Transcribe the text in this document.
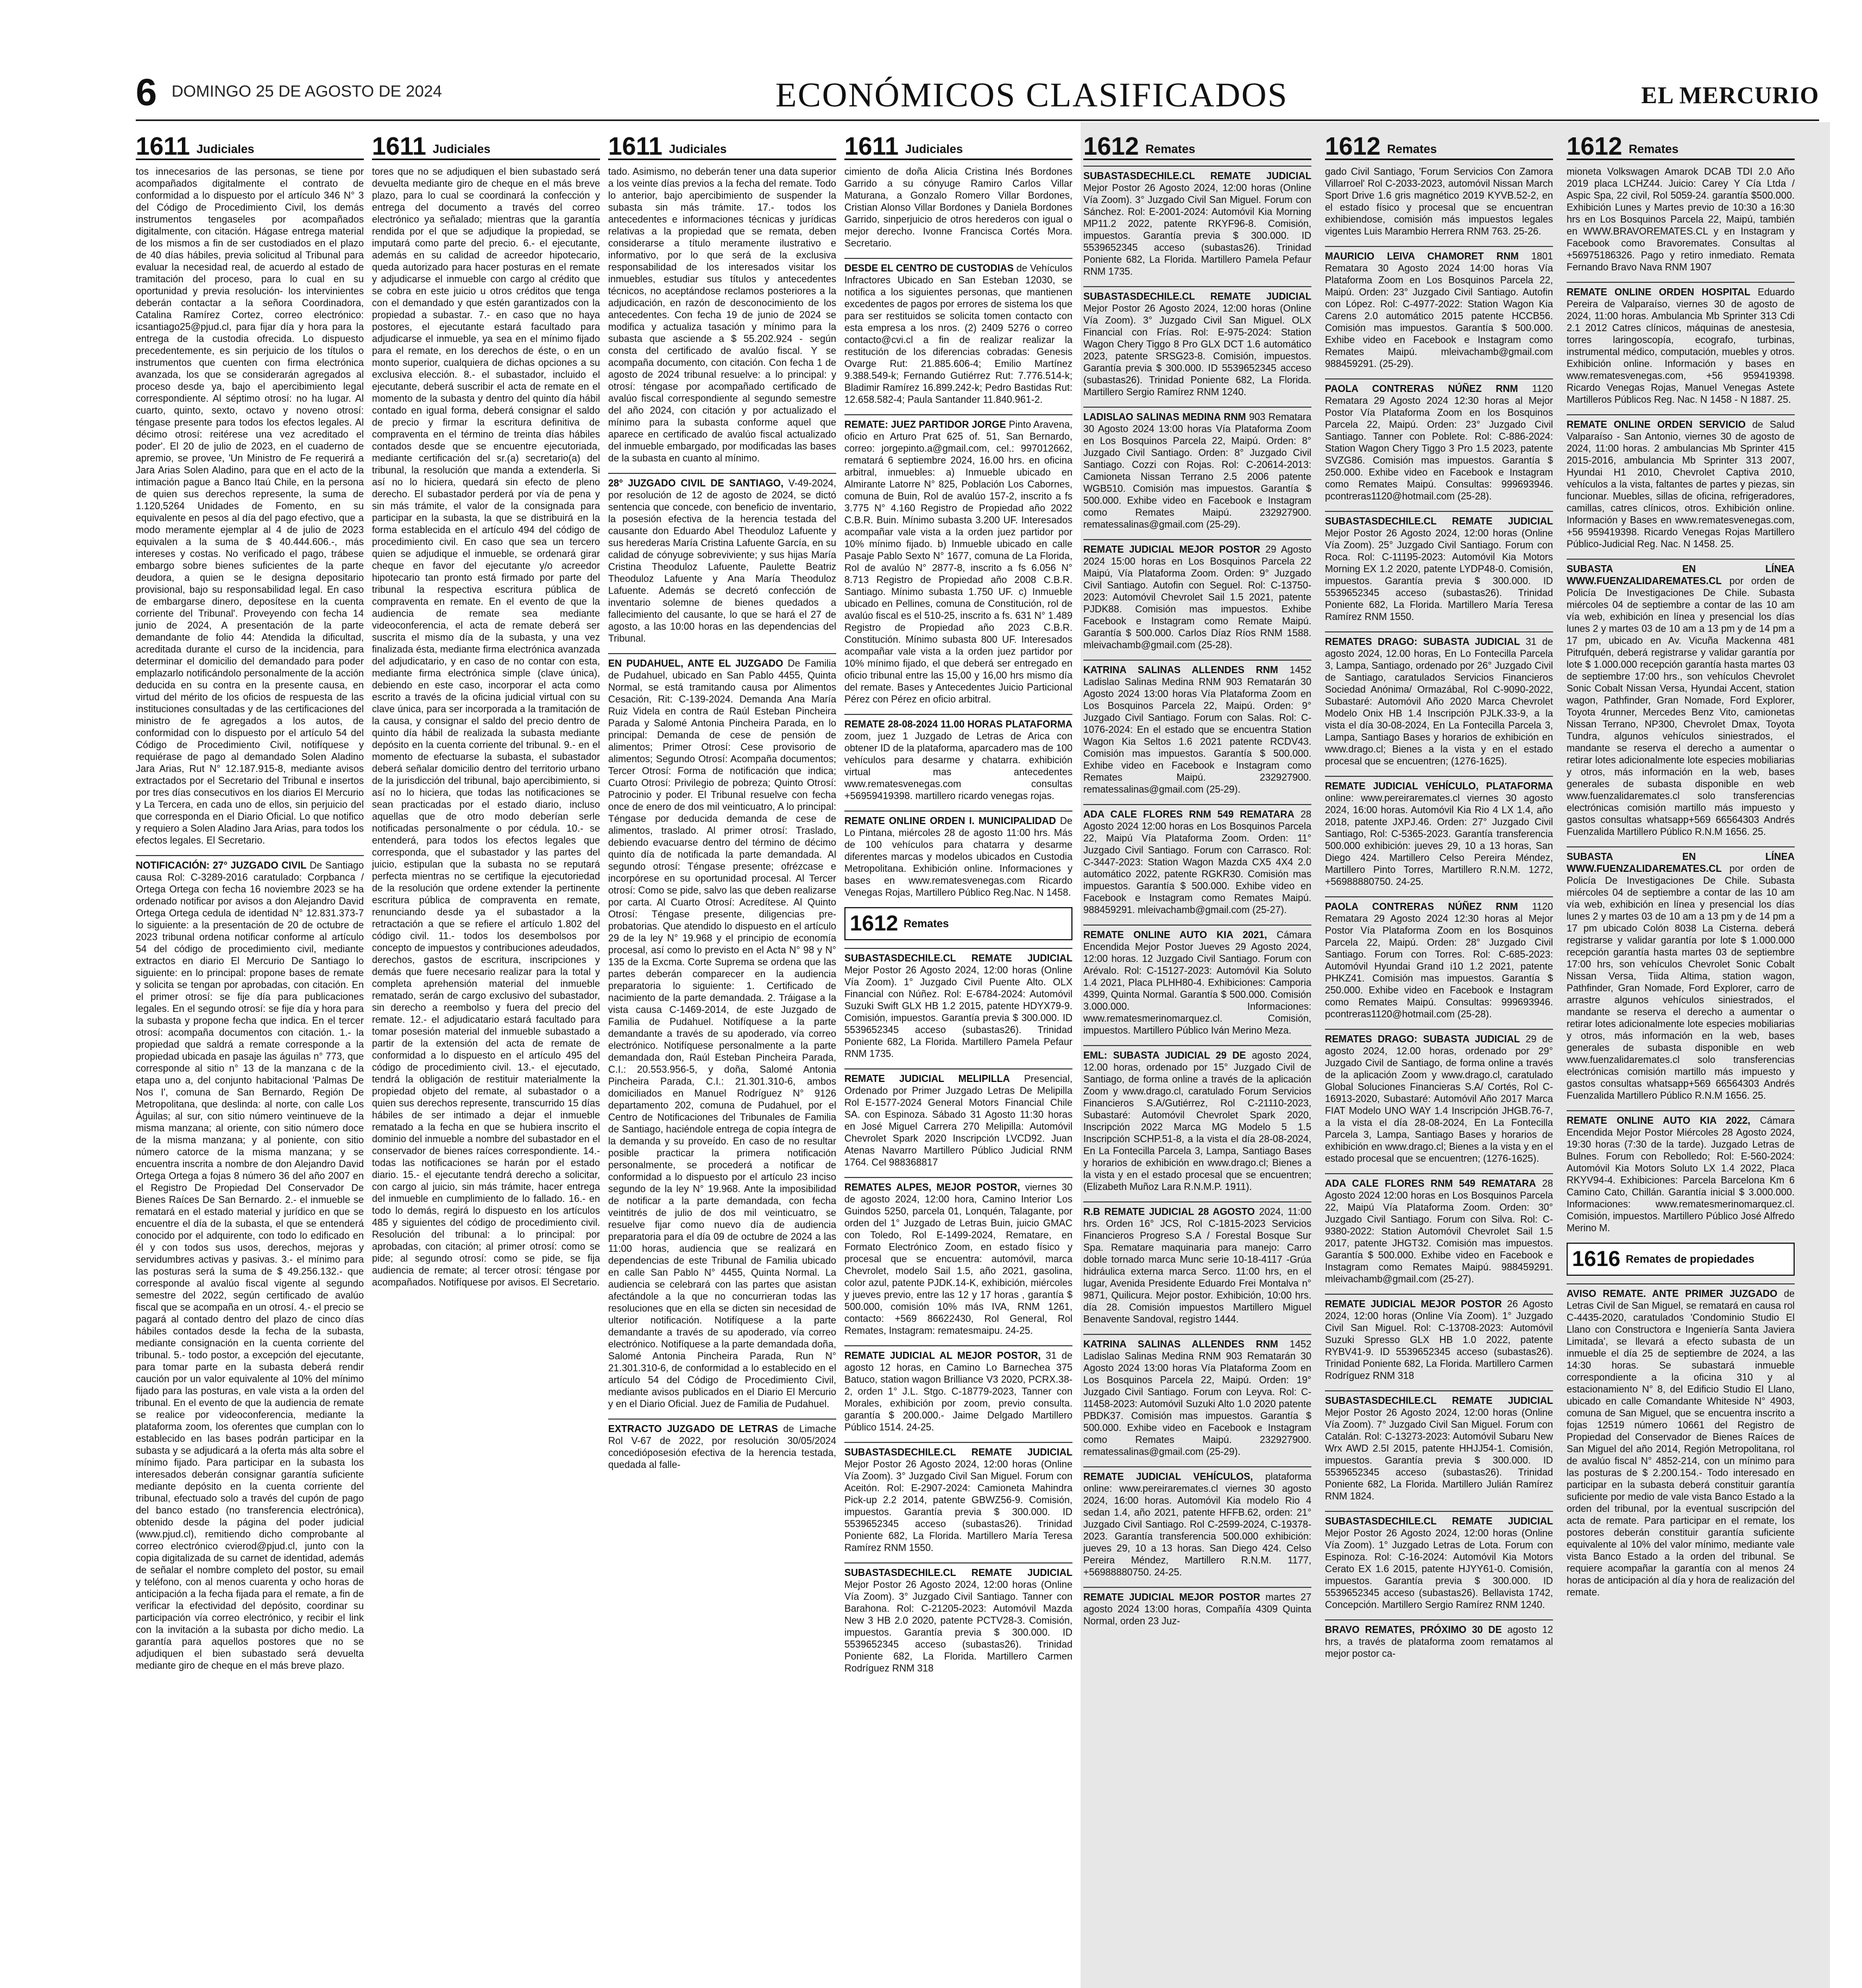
6 DOMINGO 25 DE AGOSTO DE 2024	ECONÓMICOS CLASIFICADOS	EL MERCURIO
1611 Judiciales

tos innecesarios de las personas, se tiene por acompañados digitalmente el contrato de conformidad a lo dispuesto por el artículo 346 N° 3 del Código de Procedimiento Civil, los demás instrumentos tengaseles por acompañados digitalmente, con citación. Hágase entrega material de los mismos a fin de ser custodiados en el plazo de 40 días hábiles, previa solicitud al Tribunal para evaluar la necesidad real, de acuerdo al estado de tramitación del proceso, para lo cual en su oportunidad y previa resolución- los intervinientes deberán contactar a la señora Coordinadora, Catalina Ramírez Cortez, correo electrónico: icsantiago25@pjud.cl, para fijar día y hora para la entrega de la custodia ofrecida. Lo dispuesto precedentemente, es sin perjuicio de los títulos o instrumentos que cuenten con firma electrónica avanzada, los que se considerarán agregados al proceso desde ya, bajo el apercibimiento legal correspondiente. Al séptimo otrosí: no ha lugar. Al cuarto, quinto, sexto, octavo y noveno otrosí: téngase presente para todos los efectos legales. Al décimo otrosí: reitérese una vez acreditado el poder'. El 20 de julio de 2023, en el cuaderno de apremio, se provee, 'Un Ministro de Fe requerirá a Jara Arias Solen Aladino, para que en el acto de la intimación pague a Banco Itaú Chile, en la persona de quien sus derechos represente, la suma de 1.120,5264 Unidades de Fomento, en su equivalente en pesos al día del pago efectivo, que a modo meramente ejemplar al 4 de julio de 2023 equivalen a la suma de $ 40.444.606.-, más intereses y costas. No verificado el pago, trábese embargo sobre bienes suficientes de la parte deudora, a quien se le designa depositario provisional, bajo su responsabilidad legal. En caso de embargarse dinero, deposítese en la cuenta corriente del Tribunal'. Proveyendo con fecha 14 junio de 2024, A presentación de la parte demandante de folio 44: Atendida la dificultad, acreditada durante el curso de la incidencia, para determinar el domicilio del demandado para poder emplazarlo notificándolo personalmente de la acción deducida en su contra en la presente causa, en virtud del mérito de los oficios de respuesta de las instituciones consultadas y de las certificaciones del ministro de fe agregados a los autos, de conformidad con lo dispuesto por el artículo 54 del Código de Procedimiento Civil, notifíquese y requiérase de pago al demandado Solen Aladino Jara Arias, Rut N° 12.187.915-8, mediante avisos extractados por el Secretario del Tribunal e insertos por tres días consecutivos en los diarios El Mercurio y La Tercera, en cada uno de ellos, sin perjuicio del que corresponda en el Diario Oficial. Lo que notifico y requiero a Solen Aladino Jara Arias, para todos los efectos legales. El Secretario.

NOTIFICACIÓN: 27° JUZGADO CIVIL De Santiago causa Rol: C-3289-2016 caratulado: Corpbanca / Ortega Ortega con fecha 16 noviembre 2023 se ha ordenado notificar por avisos a don Alejandro David Ortega Ortega cedula de identidad N° 12.831.373-7 lo siguiente: a la presentación de 20 de octubre de 2023 tribunal ordena notificar conforme al artículo 54 del código de procedimiento civil, mediante extractos en diario El Mercurio De Santiago lo siguiente: en lo principal: propone bases de remate y solicita se tengan por aprobadas, con citación. En el primer otrosí: se fije día para publicaciones legales. En el segundo otrosí: se fije día y hora para la subasta y propone fecha que indica. En el tercer otrosí: acompaña documentos con citación. 1.- la propiedad que saldrá a remate corresponde a la propiedad ubicada en pasaje las águilas n° 773, que corresponde al sitio n° 13 de la manzana c de la etapa uno a, del conjunto habitacional 'Palmas De Nos I', comuna de San Bernardo, Región De Metropolitana, que deslinda: al norte, con calle Los Águilas; al sur, con sitio número veintinueve de la misma manzana; al oriente, con sitio número doce de la misma manzana; y al poniente, con sitio número catorce de la misma manzana; y se encuentra inscrita a nombre de don Alejandro David Ortega Ortega a fojas 8 número 36 del año 2007 en el Registro De Propiedad Del Conservador De Bienes Raíces De San Bernardo. 2.- el inmueble se rematará en el estado material y jurídico en que se encuentre el día de la subasta, el que se entenderá conocido por el adquirente, con todo lo edificado en él y con todos sus usos, derechos, mejoras y servidumbres activas y pasivas. 3.- el mínimo para las posturas será la suma de $ 49.256.132.- que corresponde al avalúo fiscal vigente al segundo semestre del 2022, según certificado de avalúo fiscal que se acompaña en un otrosí. 4.- el precio se pagará al contado dentro del plazo de cinco días hábiles contados desde la fecha de la subasta, mediante consignación en la cuenta corriente del tribunal. 5.- todo postor, a excepción del ejecutante, para tomar parte en la subasta deberá rendir caución por un valor equivalente al 10% del mínimo fijado para las posturas, en vale vista a la orden del tribunal. En el evento de que la audiencia de remate se realice por videoconferencia, mediante la plataforma zoom, los oferentes que cumplan con lo establecido en las bases podrán participar en la subasta y se adjudicará a la oferta más alta sobre el mínimo fijado. Para participar en la subasta los interesados deberán consignar garantía suficiente mediante depósito en la cuenta corriente del tribunal, efectuado solo a través del cupón de pago del banco estado (no transferencia electrónica), obtenido desde la página del poder judicial (www.pjud.cl), remitiendo dicho comprobante al correo electrónico cvierod@pjud.cl, junto con la copia digitalizada de su carnet de identidad, además de señalar el nombre completo del postor, su email y teléfono, con al menos cuarenta y ocho horas de anticipación a la fecha fijada para el remate, a fin de verificar la efectividad del depósito, coordinar su participación vía correo electrónico, y recibir el link con la invitación a la subasta por dicho medio. La garantía para aquellos postores que no se adjudiquen el bien subastado será devuelta mediante giro de cheque en el más breve plazo.

1611 Judiciales

tores que no se adjudiquen el bien subastado será devuelta mediante giro de cheque en el más breve plazo, para lo cual se coordinará la confección y entrega del documento a través del correo electrónico ya señalado; mientras que la garantía rendida por el que se adjudique la propiedad, se imputará como parte del precio. 6.- el ejecutante, además en su calidad de acreedor hipotecario, queda autorizado para hacer posturas en el remate y adjudicarse el inmueble con cargo al crédito que se cobra en este juicio u otros créditos que tenga con el demandado y que estén garantizados con la propiedad a subastar. 7.- en caso que no haya postores, el ejecutante estará facultado para adjudicarse el inmueble, ya sea en el mínimo fijado para el remate, en los derechos de éste, o en un monto superior, cualquiera de dichas opciones a su exclusiva elección. 8.- el subastador, incluido el ejecutante, deberá suscribir el acta de remate en el momento de la subasta y dentro del quinto día hábil contado en igual forma, deberá consignar el saldo de precio y firmar la escritura definitiva de compraventa en el término de treinta días hábiles contados desde que se encuentre ejecutoriada, mediante certificación del sr.(a) secretario(a) del tribunal, la resolución que manda a extenderla. Si así no lo hiciera, quedará sin efecto de pleno derecho. El subastador perderá por vía de pena y sin más trámite, el valor de la consignada para participar en la subasta, la que se distribuirá en la forma establecida en el artículo 494 del código de procedimiento civil. En caso que sea un tercero quien se adjudique el inmueble, se ordenará girar cheque en favor del ejecutante y/o acreedor hipotecario tan pronto está firmado por parte del tribunal la respectiva escritura pública de compraventa en remate. En el evento de que la audiencia de remate sea mediante videoconferencia, el acta de remate deberá ser suscrita el mismo día de la subasta, y una vez finalizada ésta, mediante firma electrónica avanzada del adjudicatario, y en caso de no contar con esta, mediante firma electrónica simple (clave única), debiendo en este caso, incorporar el acta como escrito a través de la oficina judicial virtual con su clave única, para ser incorporada a la tramitación de la causa, y consignar el saldo del precio dentro de quinto día hábil de realizada la subasta mediante depósito en la cuenta corriente del tribunal. 9.- en el momento de efectuarse la subasta, el subastador deberá señalar domicilio dentro del territorio urbano de la jurisdicción del tribunal, bajo apercibimiento, si así no lo hiciera, que todas las notificaciones se sean practicadas por el estado diario, incluso aquellas que de otro modo deberían serle notificadas personalmente o por cédula. 10.- se entenderá, para todos los efectos legales que corresponda, que el subastador y las partes del juicio, estipulan que la subasta no se reputará perfecta mientras no se certifique la ejecutoriedad de la resolución que ordene extender la pertinente escritura pública de compraventa en remate, renunciando desde ya el subastador a la retractación a que se refiere el artículo 1.802 del código civil. 11.- todos los desembolsos por concepto de impuestos y contribuciones adeudados, derechos, gastos de escritura, inscripciones y demás que fuere necesario realizar para la total y completa aprehensión material del inmueble rematado, serán de cargo exclusivo del subastador, sin derecho a reembolso y fuera del precio del remate. 12.- el adjudicatario estará facultado para tomar posesión material del inmueble subastado a partir de la extensión del acta de remate de conformidad a lo dispuesto en el artículo 495 del código de procedimiento civil. 13.- el ejecutado, tendrá la obligación de restituir materialmente la propiedad objeto del remate, al subastador o a quien sus derechos represente, transcurrido 15 días hábiles de ser intimado a dejar el inmueble rematado a la fecha en que se hubiera inscrito el dominio del inmueble a nombre del subastador en el conservador de bienes raíces correspondiente. 14.- todas las notificaciones se harán por el estado diario. 15.- el ejecutante tendrá derecho a solicitar, con cargo al juicio, sin más trámite, hacer entrega del inmueble en cumplimiento de lo fallado. 16.- en todo lo demás, regirá lo dispuesto en los artículos 485 y siguientes del código de procedimiento civil. Resolución del tribunal: a lo principal: por aprobadas, con citación; al primer otrosí: como se pide; al segundo otrosí: como se pide, se fija audiencia de remate; al tercer otrosí: téngase por acompañados. Notifíquese por avisos. El Secretario.

1611 Judiciales

tado. Asimismo, no deberán tener una data superior a los veinte días previos a la fecha del remate. Todo lo anterior, bajo apercibimiento de suspender la subasta sin más trámite. 17.- todos los antecedentes e informaciones técnicas y jurídicas relativas a la propiedad que se remata, deben considerarse a título meramente ilustrativo e informativo, por lo que será de la exclusiva responsabilidad de los interesados visitar los inmuebles, estudiar sus títulos y antecedentes técnicos, no aceptándose reclamos posteriores a la adjudicación, en razón de desconocimiento de los antecedentes. Con fecha 19 de junio de 2024 se modifica y actualiza tasación y mínimo para la subasta que asciende a $ 55.202.924 - según consta del certificado de avalúo fiscal. Y se acompaña documento, con citación. Con fecha 1 de agosto de 2024 tribunal resuelve: a lo principal: y otrosí: téngase por acompañado certificado de avalúo fiscal correspondiente al segundo semestre del año 2024, con citación y por actualizado el mínimo para la subasta conforme aquel que aparece en certificado de avalúo fiscal actualizado del inmueble embargado, por modificadas las bases de la subasta en cuanto al mínimo.

28° JUZGADO CIVIL DE SANTIAGO, V-49-2024, por resolución de 12 de agosto de 2024, se dictó sentencia que concede, con beneficio de inventario, la posesión efectiva de la herencia testada del causante don Eduardo Abel Theoduloz Lafuente y sus herederas María Cristina Lafuente García, en su calidad de cónyuge sobreviviente; y sus hijas María Cristina Theoduloz Lafuente, Paulette Beatriz Theoduloz Lafuente y Ana María Theoduloz Lafuente. Además se decretó confección de inventario solemne de bienes quedados a fallecimiento del causante, lo que se hará el 27 de agosto, a las 10:00 horas en las dependencias del Tribunal.

EN PUDAHUEL, ANTE EL JUZGADO De Familia de Pudahuel, ubicado en San Pablo 4455, Quinta Normal, se está tramitando causa por Alimentos Cesación, Rit: C-139-2024. Demanda Ana María Ruiz Videla en contra de Raúl Esteban Pincheira Parada y Salomé Antonia Pincheira Parada, en lo principal: Demanda de cese de pensión de alimentos; Primer Otrosí: Cese provisorio de alimentos; Segundo Otrosí: Acompaña documentos; Tercer Otrosí: Forma de notificación que indica; Cuarto Otrosí: Privilegio de pobreza; Quinto Otrosí: Patrocinio y poder. El Tribunal resuelve con fecha once de enero de dos mil veinticuatro, A lo principal: Téngase por deducida demanda de cese de alimentos, traslado. Al primer otrosí: Traslado, debiendo evacuarse dentro del término de décimo quinto día de notificada la parte demandada. Al segundo otrosí: Téngase presente; ofrézcase e incorpórese en su oportunidad procesal. Al Tercer otrosí: Como se pide, salvo las que deben realizarse por carta. Al Cuarto Otrosí: Acredítese. Al Quinto Otrosí: Téngase presente, diligencias pre-probatorias. Que atendido lo dispuesto en el artículo 29 de la ley N° 19.968 y el principio de economía procesal, así como lo previsto en el Acta N° 98 y N° 135 de la Excma. Corte Suprema se ordena que las partes deberán comparecer en la audiencia preparatoria lo siguiente: 1. Certificado de nacimiento de la parte demandada. 2. Tráigase a la vista causa C-1469-2014, de este Juzgado de Familia de Pudahuel. Notifíquese a la parte demandante a través de su apoderado, vía correo electrónico. Notifíquese personalmente a la parte demandada don, Raúl Esteban Pincheira Parada, C.I.: 20.553.956-5, y doña, Salomé Antonia Pincheira Parada, C.I.: 21.301.310-6, ambos domiciliados en Manuel Rodríguez N° 9126 departamento 202, comuna de Pudahuel, por el Centro de Notificaciones del Tribunales de Familia de Santiago, haciéndole entrega de copia íntegra de la demanda y su proveído. En caso de no resultar posible practicar la primera notificación personalmente, se procederá a notificar de conformidad a lo dispuesto por el artículo 23 inciso segundo de la ley N° 19.968. Ante la imposibilidad de notificar a la parte demandada, con fecha veintitrés de julio de dos mil veinticuatro, se resuelve fijar como nuevo día de audiencia preparatoria para el día 09 de octubre de 2024 a las 11:00 horas, audiencia que se realizará en dependencias de este Tribunal de Familia ubicado en calle San Pablo N° 4455, Quinta Normal. La audiencia se celebrará con las partes que asistan afectándole a la que no concurrieran todas las resoluciones que en ella se dicten sin necesidad de ulterior notificación. Notifíquese a la parte demandante a través de su apoderado, vía correo electrónico. Notifíquese a la parte demandada doña, Salomé Antonia Pincheira Parada, Run N° 21.301.310-6, de conformidad a lo establecido en el artículo 54 del Código de Procedimiento Civil, mediante avisos publicados en el Diario El Mercurio y en el Diario Oficial. Juez de Familia de Pudahuel.

EXTRACTO JUZGADO DE LETRAS de Limache Rol V-67 de 2022, por resolución 30/05/2024 concedióposesión efectiva de la herencia testada, quedada al falle-

1611 Judiciales

cimiento de doña Alicia Cristina Inés Bordones Garrido a su cónyuge Ramiro Carlos Villar Maturana, a Gonzalo Romero Villar Bordones, Cristian Alonso Villar Bordones y Daniela Bordones Garrido, sinperjuicio de otros herederos con igual o mejor derecho. Ivonne Francisca Cortés Mora. Secretario.

DESDE EL CENTRO DE CUSTODIAS de Vehículos Infractores Ubicado en San Esteban 12030, se notifica a los siguientes personas, que mantienen excedentes de pagos por errores de sistema los que para ser restituidos se solicita tomen contacto con esta empresa a los nros. (2) 2409 5276 o correo contacto@cvi.cl a fin de realizar realizar la restitución de los diferencias cobradas: Genesis Ovarge Rut: 21.885.606-4; Emilio Martínez 9.388.549-k; Fernando Gutiérrez Rut: 7.776.514-k; Bladimir Ramírez 16.899.242-k; Pedro Bastidas Rut: 12.658.582-4; Paula Santander 11.840.961-2.

REMATE: JUEZ PARTIDOR JORGE Pinto Aravena, oficio en Arturo Prat 625 of. 51, San Bernardo, correo: jorgepinto.a@gmail.com, cel.: 997012662, rematará 6 septiembre 2024, 16.00 hrs. en oficina arbitral, inmuebles: a) Inmueble ubicado en Almirante Latorre N° 825, Población Los Cabornes, comuna de Buin, Rol de avalúo 157-2, inscrito a fs 3.775 N° 4.160 Registro de Propiedad año 2022 C.B.R. Buin. Mínimo subasta 3.200 UF. Interesados acompañar vale vista a la orden juez partidor por 10% mínimo fijado. b) Inmueble ubicado en calle Pasaje Pablo Sexto N° 1677, comuna de La Florida, Rol de avalúo N° 2877-8, inscrito a fs 6.056 N° 8.713 Registro de Propiedad año 2008 C.B.R. Santiago. Mínimo subasta 1.750 UF. c) Inmueble ubicado en Pellines, comuna de Constitución, rol de avalúo fiscal es el 510-25, inscrito a fs. 631 N° 1.489 Registro de Propiedad año 2023 C.B.R. Constitución. Mínimo subasta 800 UF. Interesados acompañar vale vista a la orden juez partidor por 10% mínimo fijado, el que deberá ser entregado en oficio tribunal entre las 15,00 y 16,00 hrs mismo día del remate. Bases y Antecedentes Juicio Particional Pérez con Pérez en oficio arbitral.

REMATE 28-08-2024 11.00 HORAS PLATAFORMA zoom, juez 1 Juzgado de Letras de Arica con obtener ID de la plataforma, aparcadero mas de 100 vehículos para desarme y chatarra. exhibición virtual mas antecedentes www.rematesvenegas.com consultas +56959419398. martillero ricardo venegas rojas.

REMATE ONLINE ORDEN I. MUNICIPALIDAD De Lo Pintana, miércoles 28 de agosto 11:00 hrs. Más de 100 vehículos para chatarra y desarme diferentes marcas y modelos ubicados en Custodia Metropolitana. Exhibición online. Informaciones y bases en www.rematesvenegas.com Ricardo Venegas Rojas, Martillero Público Reg.Nac. N 1458.

1612 Remates

SUBASTASDECHILE.CL REMATE JUDICIAL Mejor Postor 26 Agosto 2024, 12:00 horas (Online Vía Zoom). 1° Juzgado Civil Puente Alto. OLX Financial con Núñez. Rol: E-6784-2024: Automóvil Suzuki Swift GLX HB 1.2 2015, patente HDYX79-9. Comisión, impuestos. Garantía previa $ 300.000. ID 5539652345 acceso (subastas26). Trinidad Poniente 682, La Florida. Martillero Pamela Pefaur RNM 1735.

REMATE JUDICIAL MELIPILLA Presencial, Ordenado por Primer Juzgado Letras De Melipilla Rol E-1577-2024 General Motors Financial Chile SA. con Espinoza. Sábado 31 Agosto 11:30 horas en José Miguel Carrera 270 Melipilla: Automóvil Chevrolet Spark 2020 Inscripción LVCD92. Juan Atenas Navarro Martillero Público Judicial RNM 1764. Cel 988368817

REMATES ALPES, MEJOR POSTOR, viernes 30 de agosto 2024, 12:00 hora, Camino Interior Los Guindos 5250, parcela 01, Lonquén, Talagante, por orden del 1° Juzgado de Letras Buin, juicio GMAC con Toledo, Rol E-1499-2024, Rematare, en Formato Electrónico Zoom, en estado físico y procesal que se encuentra: automóvil, marca Chevrolet, modelo Sail 1.5, año 2021, gasolina, color azul, patente PJDK.14-K, exhibición, miércoles y jueves previo, entre las 12 y 17 horas , garantía $ 500.000, comisión 10% más IVA, RNM 1261, contacto: +569 86622430, Rol General, Rol Remates, Instagram: rematesmaipu. 24-25.

REMATE JUDICIAL AL MEJOR POSTOR, 31 de agosto 12 horas, en Camino Lo Barnechea 375 Batuco, station wagon Brilliance V3 2020, PCRX.38-2, orden 1° J.L. Stgo. C-18779-2023, Tanner con Morales, exhibición por zoom, previo consulta. garantía $ 200.000.- Jaime Delgado Martillero Público 1514. 24-25.

SUBASTASDECHILE.CL REMATE JUDICIAL Mejor Postor 26 Agosto 2024, 12:00 horas (Online Vía Zoom). 3° Juzgado Civil San Miguel. Forum con Aceitón. Rol: E-2907-2024: Camioneta Mahindra Pick-up 2.2 2014, patente GBWZ56-9. Comisión, impuestos. Garantía previa $ 300.000. ID 5539652345 acceso (subastas26). Trinidad Poniente 682, La Florida. Martillero María Teresa Ramírez RNM 1550.

SUBASTASDECHILE.CL REMATE JUDICIAL Mejor Postor 26 Agosto 2024, 12:00 horas (Online Vía Zoom). 3° Juzgado Civil Santiago. Tanner con Barahona. Rol: C-21205-2023: Automóvil Mazda New 3 HB 2.0 2020, patente PCTV28-3. Comisión, impuestos. Garantía previa $ 300.000. ID 5539652345 acceso (subastas26). Trinidad Poniente 682, La Florida. Martillero Carmen Rodríguez RNM 318

1612 Remates

SUBASTASDECHILE.CL REMATE JUDICIAL Mejor Postor 26 Agosto 2024, 12:00 horas (Online Vía Zoom). 3° Juzgado Civil San Miguel. Forum con Sánchez. Rol: E-2001-2024: Automóvil Kia Morning MP11.2 2022, patente RKYF96-8. Comisión, impuestos. Garantía previa $ 300.000. ID 5539652345 acceso (subastas26). Trinidad Poniente 682, La Florida. Martillero Pamela Pefaur RNM 1735.

SUBASTASDECHILE.CL REMATE JUDICIAL Mejor Postor 26 Agosto 2024, 12:00 horas (Online Vía Zoom). 3° Juzgado Civil San Miguel. OLX Financial con Frías. Rol: E-975-2024: Station Wagon Chery Tiggo 8 Pro GLX DCT 1.6 automático 2023, patente SRSG23-8. Comisión, impuestos. Garantía previa $ 300.000. ID 5539652345 acceso (subastas26). Trinidad Poniente 682, La Florida. Martillero Sergio Ramírez RNM 1240.

LADISLAO SALINAS MEDINA RNM 903 Rematara 30 Agosto 2024 13:00 horas Vía Plataforma Zoom en Los Bosquinos Parcela 22, Maipú. Orden: 8° Juzgado Civil Santiago. Orden: 8° Juzgado Civil Santiago. Cozzi con Rojas. Rol: C-20614-2013: Camioneta Nissan Terrano 2.5 2006 patente WGB510. Comisión mas impuestos. Garantía $ 500.000. Exhibe video en Facebook e Instagram como Remates Maipú. 232927900. rematessalinas@gmail.com (25-29).

REMATE JUDICIAL MEJOR POSTOR 29 Agosto 2024 15:00 horas en Los Bosquinos Parcela 22 Maipú, Vía Plataforma Zoom. Orden: 9° Juzgado Civil Santiago. Autofin con Seguel. Rol: C-13750-2023: Automóvil Chevrolet Sail 1.5 2021, patente PJDK88. Comisión mas impuestos. Exhibe Facebook e Instagram como Remate Maipú. Garantía $ 500.000. Carlos Díaz Ríos RNM 1588. mleivachamb@gmail.com (25-28).

KATRINA SALINAS ALLENDES RNM 1452 Ladislao Salinas Medina RNM 903 Rematarán 30 Agosto 2024 13:00 horas Vía Plataforma Zoom en Los Bosquinos Parcela 22, Maipú. Orden: 9° Juzgado Civil Santiago. Forum con Salas. Rol: C-1076-2024: En el estado que se encuentra Station Wagon Kia Seltos 1.6 2021 patente RCDV43. Comisión mas impuestos. Garantía $ 500.000. Exhibe video en Facebook e Instagram como Remates Maipú. 232927900. rematessalinas@gmail.com (25-29).

ADA CALE FLORES RNM 549 REMATARA 28 Agosto 2024 12:00 horas en Los Bosquinos Parcela 22, Maipú Vía Plataforma Zoom. Orden: 11° Juzgado Civil Santiago. Forum con Carrasco. Rol: C-3447-2023: Station Wagon Mazda CX5 4X4 2.0 automático 2022, patente RGKR30. Comisión mas impuestos. Garantía $ 500.000. Exhibe video en Facebook e Instagram como Remates Maipú. 988459291. mleivachamb@gmail.com (25-27).

REMATE ONLINE AUTO KIA 2021, Cámara Encendida Mejor Postor Jueves 29 Agosto 2024, 12:00 horas. 12 Juzgado Civil Santiago. Forum con Arévalo. Rol: C-15127-2023: Automóvil Kia Soluto 1.4 2021, Placa PLHH80-4. Exhibiciones: Camporia 4399, Quinta Normal. Garantía $ 500.000. Comisión 3.000.000. Informaciones: www.rematesmerinomarquez.cl. Comisión, impuestos. Martillero Público Iván Merino Meza.

EML: SUBASTA JUDICIAL 29 DE agosto 2024, 12.00 horas, ordenado por 15° Juzgado Civil de Santiago, de forma online a través de la aplicación Zoom y www.drago.cl, caratulado Forum Servicios Financieros S.A/Gutiérrez, Rol C-21110-2023, Subastaré: Automóvil Chevrolet Spark 2020, Inscripción 2022 Marca MG Modelo 5 1.5 Inscripción SCHP.51-8, a la vista el día 28-08-2024, En La Fontecilla Parcela 3, Lampa, Santiago Bases y horarios de exhibición en www.drago.cl; Bienes a la vista y en el estado procesal que se encuentren; (Elizabeth Muñoz Lara R.N.M.P. 1911).

R.B REMATE JUDICIAL 28 AGOSTO 2024, 11:00 hrs. Orden 16° JCS, Rol C-1815-2023 Servicios Financieros Progreso S.A / Forestal Bosque Sur Spa. Rematare maquinaria para manejo: Carro doble tornado marca Munc serie 10-18-4117 -Grúa hidráulica externa marca Serco. 11:00 hrs, en el lugar, Avenida Presidente Eduardo Frei Montalva n° 9871, Quilicura. Mejor postor. Exhibición, 10:00 hrs. día 28. Comisión impuestos Martillero Miguel Benavente Sandoval, registro 1444.

KATRINA SALINAS ALLENDES RNM 1452 Ladislao Salinas Medina RNM 903 Rematarán 30 Agosto 2024 13:00 horas Vía Plataforma Zoom en Los Bosquinos Parcela 22, Maipú. Orden: 19° Juzgado Civil Santiago. Forum con Leyva. Rol: C-11458-2023: Automóvil Suzuki Alto 1.0 2020 patente PBDK37. Comisión mas impuestos. Garantía $ 500.000. Exhibe video en Facebook e Instagram como Remates Maipú. 232927900. rematessalinas@gmail.com (25-29).

REMATE JUDICIAL VEHÍCULOS, plataforma online: www.pereiraremates.cl viernes 30 agosto 2024, 16:00 horas. Automóvil Kia modelo Rio 4 sedan 1.4, año 2021, patente HFFB.62, orden: 21° Juzgado Civil Santiago. Rol C-2599-2024, C-19378-2023. Garantía transferencia 500.000 exhibición: jueves 29, 10 a 13 horas. San Diego 424. Celso Pereira Méndez, Martillero R.N.M. 1177, +56988880750. 24-25.

REMATE JUDICIAL MEJOR POSTOR martes 27 agosto 2024 13:00 horas, Compañía 4309 Quinta Normal, orden 23 Juz-

1612 Remates

gado Civil Santiago, 'Forum Servicios Con Zamora Villarroel' Rol C-2033-2023, automóvil Nissan March Sport Drive 1.6 gris magnético 2019 KYVB.52-2, en el estado físico y procesal que se encuentran exhibiendose, comisión más impuestos legales vigentes Luis Marambio Herrera RNM 763. 25-26.

MAURICIO LEIVA CHAMORET RNM 1801 Rematara 30 Agosto 2024 14:00 horas Vía Plataforma Zoom en Los Bosquinos Parcela 22, Maipú. Orden: 23° Juzgado Civil Santiago. Autofin con López. Rol: C-4977-2022: Station Wagon Kia Carens 2.0 automático 2015 patente HCCB56. Comisión mas impuestos. Garantía $ 500.000. Exhibe video en Facebook e Instagram como Remates Maipú. mleivachamb@gmail.com 988459291. (25-29).

PAOLA CONTRERAS NÚÑEZ RNM 1120 Rematara 29 Agosto 2024 12:30 horas al Mejor Postor Vía Plataforma Zoom en los Bosquinos Parcela 22, Maipú. Orden: 23° Juzgado Civil Santiago. Tanner con Poblete. Rol: C-886-2024: Station Wagon Chery Tiggo 3 Pro 1.5 2023, patente SVZG86. Comisión mas impuestos. Garantía $ 250.000. Exhibe video en Facebook e Instagram como Remates Maipú. Consultas: 999693946. pcontreras1120@hotmail.com (25-28).

SUBASTASDECHILE.CL REMATE JUDICIAL Mejor Postor 26 Agosto 2024, 12:00 horas (Online Vía Zoom). 25° Juzgado Civil Santiago. Forum con Roca. Rol: C-11195-2023: Automóvil Kia Motors Morning EX 1.2 2020, patente LYDP48-0. Comisión, impuestos. Garantía previa $ 300.000. ID 5539652345 acceso (subastas26). Trinidad Poniente 682, La Florida. Martillero María Teresa Ramírez RNM 1550.

REMATES DRAGO: SUBASTA JUDICIAL 31 de agosto 2024, 12.00 horas, En Lo Fontecilla Parcela 3, Lampa, Santiago, ordenado por 26° Juzgado Civil de Santiago, caratulados Servicios Financieros Sociedad Anónima/ Ormazábal, Rol C-9090-2022, Subastaré: Automóvil Año 2020 Marca Chevrolet Modelo Onix HB 1.4 Inscripción PJLK.33-9, a la vista el día 30-08-2024, En La Fontecilla Parcela 3, Lampa, Santiago Bases y horarios de exhibición en www.drago.cl; Bienes a la vista y en el estado procesal que se encuentren; (1276-1625).

REMATE JUDICIAL VEHÍCULO, PLATAFORMA online: www.pereiraremates.cl viernes 30 agosto 2024, 16:00 horas. Automóvil Kia Rio 4 LX 1.4, año 2018, patente JXPJ.46. Orden: 27° Juzgado Civil Santiago, Rol: C-5365-2023. Garantía transferencia 500.000 exhibición: jueves 29, 10 a 13 horas, San Diego 424. Martillero Celso Pereira Méndez, Martillero Pinto Torres, Martillero R.N.M. 1272, +56988880750. 24-25.

PAOLA CONTRERAS NÚÑEZ RNM 1120 Rematara 29 Agosto 2024 12:30 horas al Mejor Postor Vía Plataforma Zoom en los Bosquinos Parcela 22, Maipú. Orden: 28° Juzgado Civil Santiago. Forum con Torres. Rol: C-685-2023: Automóvil Hyundai Grand i10 1.2 2021, patente PHKZ41. Comisión mas impuestos. Garantía $ 250.000. Exhibe video en Facebook e Instagram como Remates Maipú. Consultas: 999693946. pcontreras1120@hotmail.com (25-28).

REMATES DRAGO: SUBASTA JUDICIAL 29 de agosto 2024, 12.00 horas, ordenado por 29° Juzgado Civil de Santiago, de forma online a través de la aplicación Zoom y www.drago.cl, caratulado Global Soluciones Financieras S.A/ Cortés, Rol C-16913-2020, Subastaré: Automóvil Año 2017 Marca FIAT Modelo UNO WAY 1.4 Inscripción JHGB.76-7, a la vista el día 28-08-2024, En La Fontecilla Parcela 3, Lampa, Santiago Bases y horarios de exhibición en www.drago.cl; Bienes a la vista y en el estado procesal que se encuentren; (1276-1625).

ADA CALE FLORES RNM 549 REMATARA 28 Agosto 2024 12:00 horas en Los Bosquinos Parcela 22, Maipú Vía Plataforma Zoom. Orden: 30° Juzgado Civil Santiago. Forum con Silva. Rol: C-9380-2022: Station Automóvil Chevrolet Sail 1.5 2017, patente JHGT32. Comisión mas impuestos. Garantía $ 500.000. Exhibe video en Facebook e Instagram como Remates Maipú. 988459291. mleivachamb@gmail.com (25-27).

REMATE JUDICIAL MEJOR POSTOR 26 Agosto 2024, 12:00 horas (Online Vía Zoom). 1° Juzgado Civil San Miguel. Rol: C-13708-2023: Automóvil Suzuki Spresso GLX HB 1.0 2022, patente RYBV41-9. ID 5539652345 acceso (subastas26). Trinidad Poniente 682, La Florida. Martillero Carmen Rodríguez RNM 318

SUBASTASDECHILE.CL REMATE JUDICIAL Mejor Postor 26 Agosto 2024, 12:00 horas (Online Vía Zoom). 7° Juzgado Civil San Miguel. Forum con Catalán. Rol: C-13273-2023: Automóvil Subaru New Wrx AWD 2.5I 2015, patente HHJJ54-1. Comisión, impuestos. Garantía previa $ 300.000. ID 5539652345 acceso (subastas26). Trinidad Poniente 682, La Florida. Martillero Julián Ramírez RNM 1824.

SUBASTASDECHILE.CL REMATE JUDICIAL Mejor Postor 26 Agosto 2024, 12:00 horas (Online Vía Zoom). 1° Juzgado Letras de Lota. Forum con Espinoza. Rol: C-16-2024: Automóvil Kia Motors Cerato EX 1.6 2015, patente HJYY61-0. Comisión, impuestos. Garantía previa $ 300.000. ID 5539652345 acceso (subastas26). Bellavista 1742, Concepción. Martillero Sergio Ramírez RNM 1240.

BRAVO REMATES, PRÓXIMO 30 DE agosto 12 hrs, a través de plataforma zoom rematamos al mejor postor ca-

1612 Remates

mioneta Volkswagen Amarok DCAB TDI 2.0 Año 2019 placa LCHZ44. Juicio: Carey Y Cía Ltda / Aspic Spa, 22 civil, Rol 5059-24. garantía $500.000. Exhibición Lunes y Martes previo de 10:30 a 16:30 hrs en Los Bosquinos Parcela 22, Maipú, también en WWW.BRAVOREMATES.CL y en Instagram y Facebook como Bravoremates. Consultas al +56975186326. Pago y retiro inmediato. Remata Fernando Bravo Nava RNM 1907

REMATE ONLINE ORDEN HOSPITAL Eduardo Pereira de Valparaíso, viernes 30 de agosto de 2024, 11:00 horas. Ambulancia Mb Sprinter 313 Cdi 2.1 2012 Catres clínicos, máquinas de anestesia, torres laringoscopía, ecografo, turbinas, instrumental médico, computación, muebles y otros. Exhibición online. Información y bases en www.rematesvenegas.com, +56 959419398. Ricardo Venegas Rojas, Manuel Venegas Astete Martilleros Públicos Reg. Nac. N 1458 - N 1887. 25.

REMATE ONLINE ORDEN SERVICIO de Salud Valparaíso - San Antonio, viernes 30 de agosto de 2024, 11:00 horas. 2 ambulancias Mb Sprinter 415 2015-2016, ambulancia Mb Sprinter 313 2007, Hyundai H1 2010, Chevrolet Captiva 2010, vehículos a la vista, faltantes de partes y piezas, sin funcionar. Muebles, sillas de oficina, refrigeradores, camillas, catres clínicos, otros. Exhibición online. Información y Bases en www.rematesvenegas.com, +56 959419398. Ricardo Venegas Rojas Martillero Público-Judicial Reg. Nac. N 1458. 25.

SUBASTA EN LÍNEA WWW.FUENZALIDAREMATES.CL por orden de Policía De Investigaciones De Chile. Subasta miércoles 04 de septiembre a contar de las 10 am vía web, exhibición en línea y presencial los días lunes 2 y martes 03 de 10 am a 13 pm y de 14 pm a 17 pm, ubicado en Av. Vicuña Mackenna 481 Pitrufquén, deberá registrarse y validar garantía por lote $ 1.000.000 recepción garantía hasta martes 03 de septiembre 17:00 hrs., son vehículos Chevrolet Sonic Cobalt Nissan Versa, Hyundai Accent, station wagon, Pathfinder, Gran Nomade, Ford Explorer, Toyota 4runner, Mercedes Benz Vito, camionetas Nissan Terrano, NP300, Chevrolet Dmax, Toyota Tundra, algunos vehículos siniestrados, el mandante se reserva el derecho a aumentar o retirar lotes adicionalmente lote especies mobiliarias y otros, más información en la web, bases generales de subasta disponible en web www.fuenzalidaremates.cl solo transferencias electrónicas comisión martillo más impuesto y gastos consultas whatsapp+569 66564303 Andrés Fuenzalida Martillero Público R.N.M 1656. 25.

SUBASTA EN LÍNEA WWW.FUENZALIDAREMATES.CL por orden de Policía De Investigaciones De Chile. Subasta miércoles 04 de septiembre a contar de las 10 am vía web, exhibición en línea y presencial los días lunes 2 y martes 03 de 10 am a 13 pm y de 14 pm a 17 pm ubicado Colón 8038 La Cisterna. deberá registrarse y validar garantía por lote $ 1.000.000 recepción garantía hasta martes 03 de septiembre 17:00 hrs, son vehículos Chevrolet Sonic Cobalt Nissan Versa, Tiida Altima, station wagon, Pathfinder, Gran Nomade, Ford Explorer, carro de arrastre algunos vehículos siniestrados, el mandante se reserva el derecho a aumentar o retirar lotes adicionalmente lote especies mobiliarias y otros, más información en la web, bases generales de subasta disponible en web www.fuenzalidaremates.cl solo transferencias electrónicas comisión martillo más impuesto y gastos consultas whatsapp+569 66564303 Andrés Fuenzalida Martillero Público R.N.M 1656. 25.

REMATE ONLINE AUTO KIA 2022, Cámara Encendida Mejor Postor Miércoles 28 Agosto 2024, 19:30 horas (7:30 de la tarde). Juzgado Letras de Bulnes. Forum con Rebolledo; Rol: E-560-2024: Automóvil Kia Motors Soluto LX 1.4 2022, Placa RKYV94-4. Exhibiciones: Parcela Barcelona Km 6 Camino Cato, Chillán. Garantía inicial $ 3.000.000. Informaciones: www.rematesmerinomarquez.cl. Comisión, impuestos. Martillero Público José Alfredo Merino M.

1616 Remates de propiedades

AVISO REMATE. ANTE PRIMER JUZGADO de Letras Civil de San Miguel, se rematará en causa rol C-4435-2020, caratulados 'Condominio Studio El Llano con Constructora e Ingeniería Santa Javiera Limitada', se llevará a efecto subasta de un inmueble el día 25 de septiembre de 2024, a las 14:30 horas. Se subastará inmueble correspondiente a la oficina 310 y al estacionamiento N° 8, del Edificio Studio El Llano, ubicado en calle Comandante Whiteside N° 4903, comuna de San Miguel, que se encuentra inscrito a fojas 12519 número 10661 del Registro de Propiedad del Conservador de Bienes Raíces de San Miguel del año 2014, Región Metropolitana, rol de avalúo fiscal N° 4852-214, con un mínimo para las posturas de $ 2.200.154.- Todo interesado en participar en la subasta deberá constituir garantía suficiente por medio de vale vista Banco Estado a la orden del tribunal, por la eventual suscripción del acta de remate. Para participar en el remate, los postores deberán constituir garantía suficiente equivalente al 10% del valor mínimo, mediante vale vista Banco Estado a la orden del tribunal. Se requiere acompañar la garantía con al menos 24 horas de anticipación al día y hora de realización del remate.
